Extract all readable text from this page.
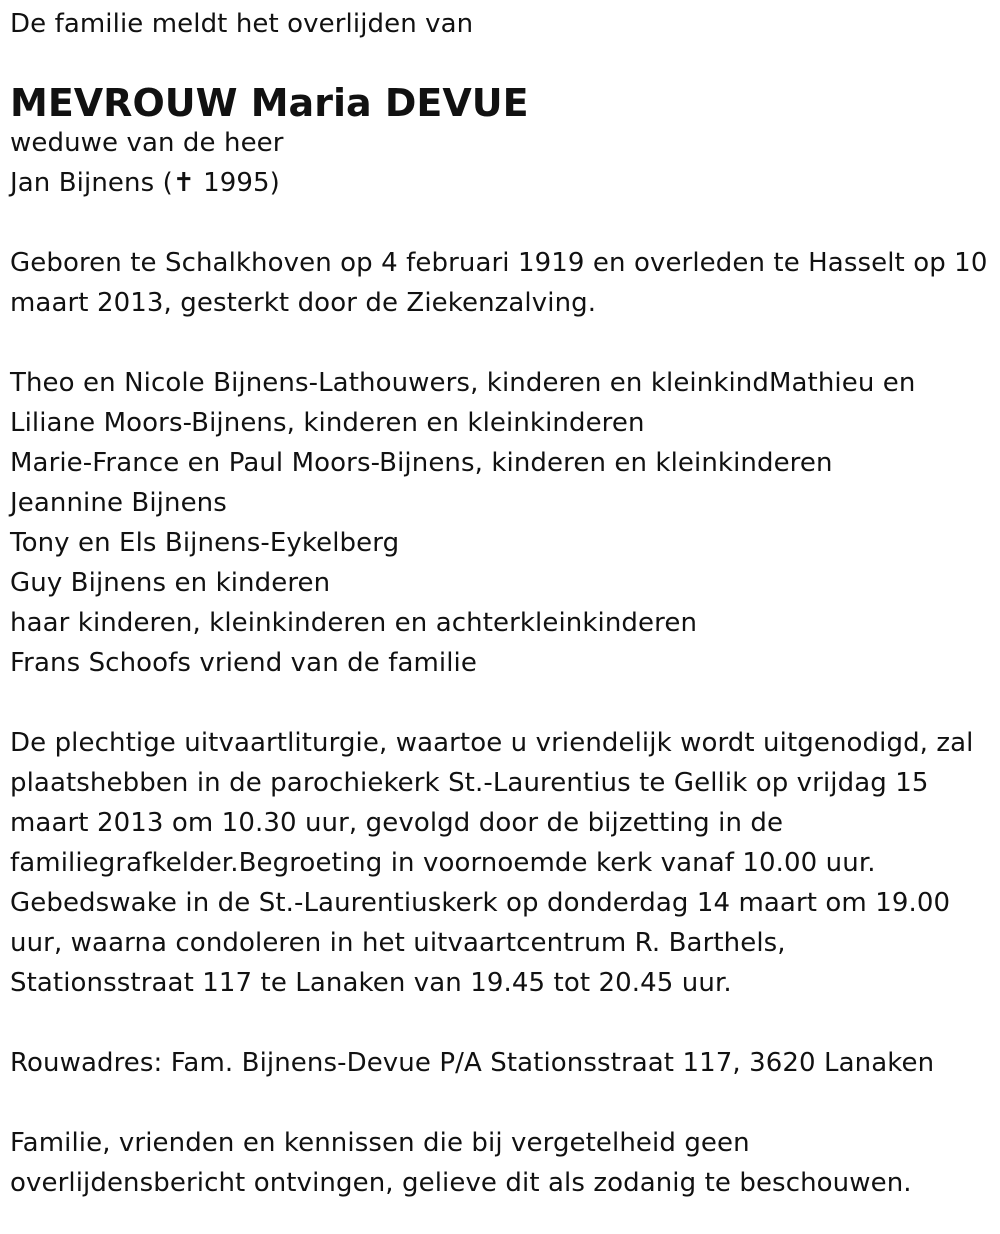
De familie meldt het overlijden van
MEVROUW Maria DEVUE
weduwe van de heer
Jan Bijnens (✝ 1995)
Geboren te Schalkhoven op 4 februari 1919 en overleden te Hasselt op 10
maart 2013, gesterkt door de Ziekenzalving.
Theo en Nicole Bijnens-Lathouwers, kinderen en kleinkindMathieu en
Liliane Moors-Bijnens, kinderen en kleinkinderen
Marie-France en Paul Moors-Bijnens, kinderen en kleinkinderen
Jeannine Bijnens
Tony en Els Bijnens-Eykelberg
Guy Bijnens en kinderen
haar kinderen, kleinkinderen en achterkleinkinderen
Frans Schoofs vriend van de familie
De plechtige uitvaartliturgie, waartoe u vriendelijk wordt uitgenodigd, zal
plaatshebben in de parochiekerk St.-Laurentius te Gellik op vrijdag 15
maart 2013 om 10.30 uur, gevolgd door de bijzetting in de
familiegrafkelder.Begroeting in voornoemde kerk vanaf 10.00 uur.
Gebedswake in de St.-Laurentiuskerk op donderdag 14 maart om 19.00
uur, waarna condoleren in het uitvaartcentrum R. Barthels,
Stationsstraat 117 te Lanaken van 19.45 tot 20.45 uur.
Rouwadres: Fam. Bijnens-Devue P/A Stationsstraat 117, 3620 Lanaken
Familie, vrienden en kennissen die bij vergetelheid geen
overlijdensbericht ontvingen, gelieve dit als zodanig te beschouwen.
